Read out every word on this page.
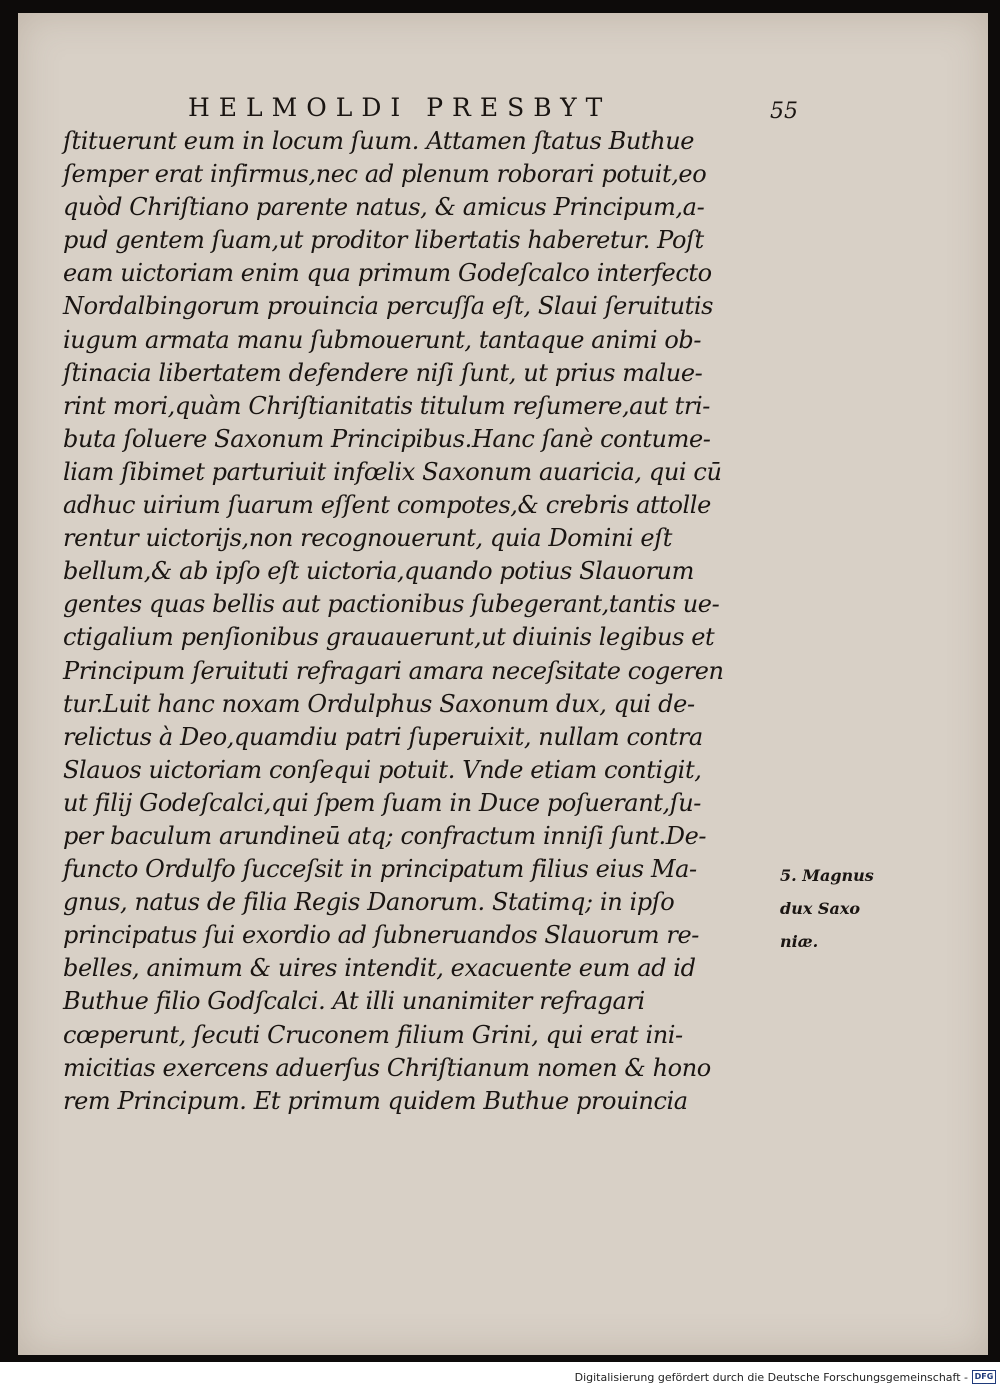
HELMOLDI PRESBYT	55
ſtituerunt eum in locum ſuum. Attamen ſtatus Buthue
ſemper erat infirmus,nec ad plenum roborari potuit,eo
quòd Chriſtiano parente natus, & amicus Principum,a-
pud gentem ſuam,ut proditor libertatis haberetur. Poſt
eam uictoriam enim qua primum Godeſcalco interfecto
Nordalbingorum prouincia percuſſa eſt, Slaui ſeruitutis
iugum armata manu ſubmouerunt, tantaque animi ob-
ſtinacia libertatem defendere niſi ſunt, ut prius malue-
rint mori,quàm Chriſtianitatis titulum reſumere,aut tri-
buta ſoluere Saxonum Principibus.Hanc ſanè contume-
liam ſibimet parturiuit infœlix Saxonum auaricia, qui cū
adhuc uirium ſuarum eſſent compotes,& crebris attolle
rentur uictorijs,non recognouerunt, quia Domini eſt
bellum,& ab ipſo eſt uictoria,quando potius Slauorum
gentes quas bellis aut pactionibus ſubegerant,tantis ue-
ctigalium penſionibus grauauerunt,ut diuinis legibus et
Principum ſeruituti refragari amara neceſsitate cogeren
tur.Luit hanc noxam Ordulphus Saxonum dux, qui de-
relictus à Deo,quamdiu patri ſuperuixit, nullam contra
Slauos uictoriam conſequi potuit. Vnde etiam contigit,
ut filij Godeſcalci,qui ſpem ſuam in Duce poſuerant,ſu-
per baculum arundineū atq; confractum inniſi ſunt.De-
functo Ordulfo ſucceſsit in principatum filius eius Ma-
gnus, natus de filia Regis Danorum. Statimq; in ipſo
principatus ſui exordio ad ſubneruandos Slauorum re-
belles, animum & uires intendit, exacuente eum ad id
Buthue filio Godſcalci. At illi unanimiter refragari
cœperunt, ſecuti Cruconem filium Grini, qui erat ini-
micitias exercens aduerſus Chriſtianum nomen & hono
rem Principum. Et primum quidem Buthue prouincia
5. Magnus
dux Saxo
niæ.
Digitalisierung gefördert durch die Deutsche Forschungsgemeinschaft - DFG
